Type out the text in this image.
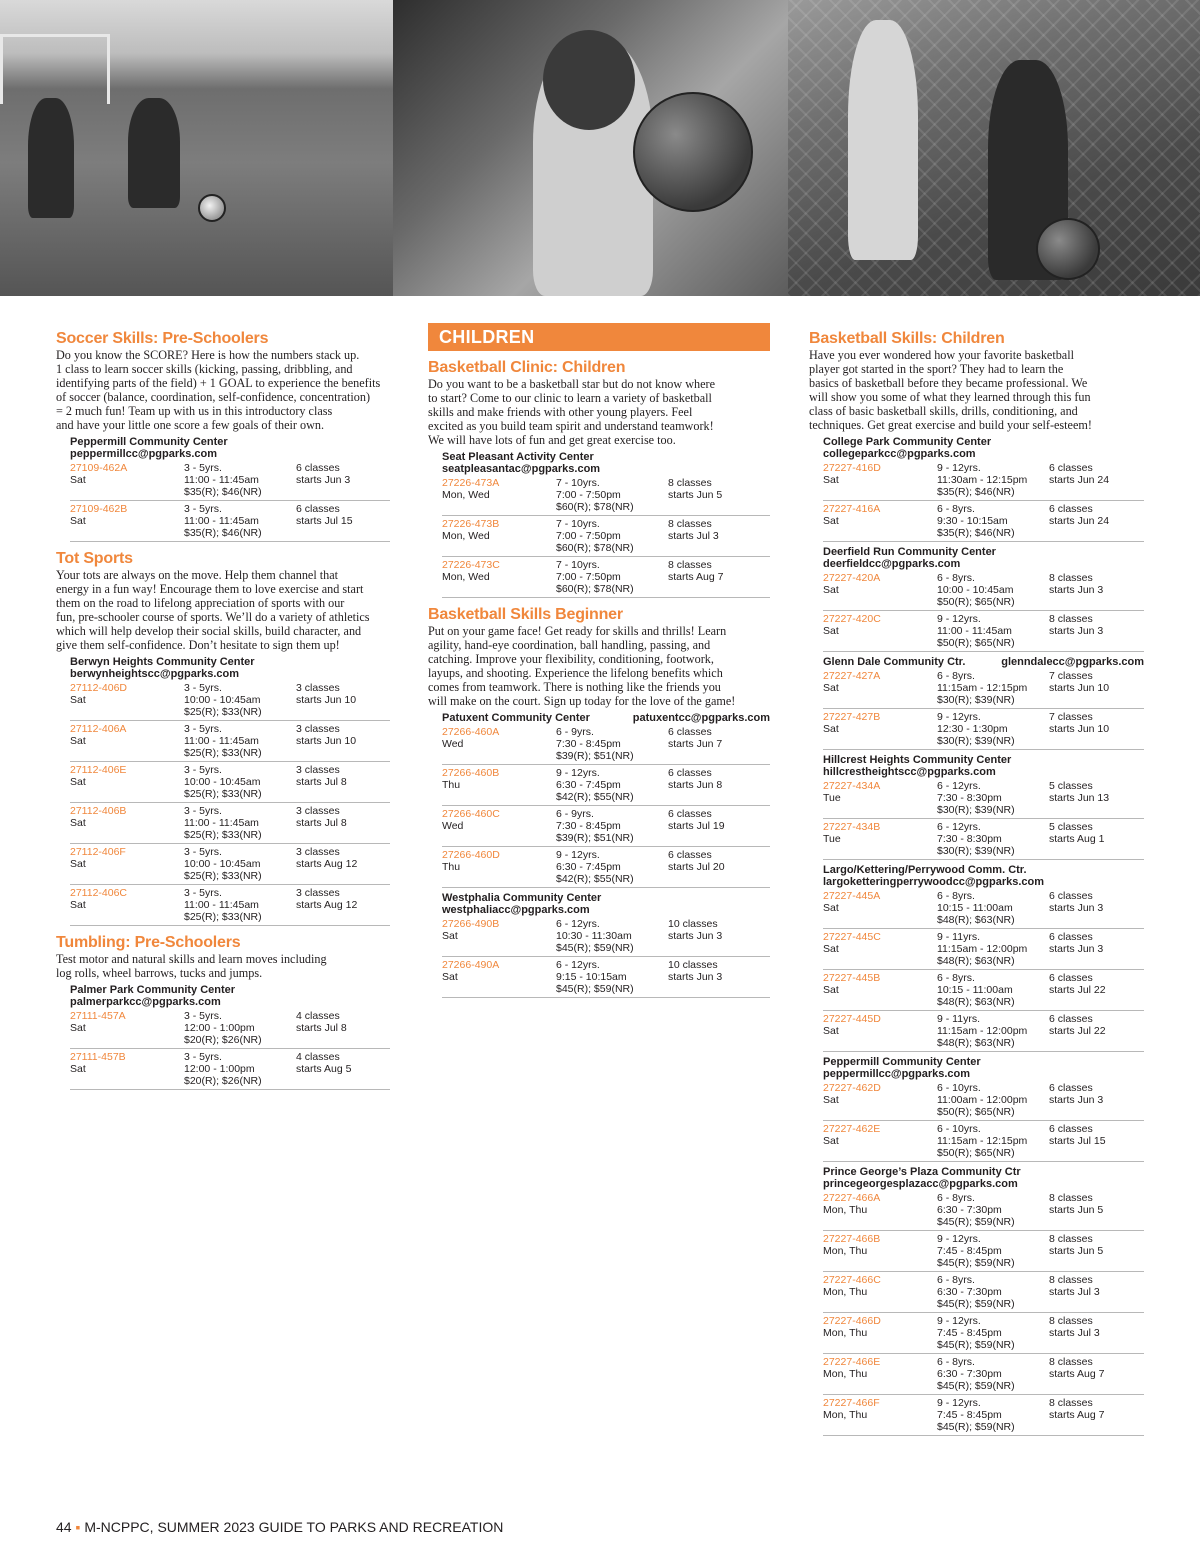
Soccer Skills: Pre-Schoolers
Do you know the SCORE? Here is how the numbers stack up.
1 class to learn soccer skills (kicking, passing, dribbling, and
identifying parts of the field) + 1 GOAL to experience the benefits
of soccer (balance, coordination, self-confidence, concentration)
= 2 much fun! Team up with us in this introductory class
and have your little one score a few goals of their own.
Peppermill Community Center
peppermillcc@pgparks.com
27109-462A
Sat
3 - 5yrs.
11:00 - 11:45am
$35(R); $46(NR)
6 classes
starts Jun 3
27109-462B
Sat
3 - 5yrs.
11:00 - 11:45am
$35(R); $46(NR)
6 classes
starts Jul 15
Tot Sports
Your tots are always on the move. Help them channel that
energy in a fun way! Encourage them to love exercise and start
them on the road to lifelong appreciation of sports with our
fun, pre-schooler course of sports. We’ll do a variety of athletics
which will help develop their social skills, build character, and
give them self-confidence. Don’t hesitate to sign them up!
Berwyn Heights Community Center
berwynheightscc@pgparks.com
27112-406D
Sat
3 - 5yrs.
10:00 - 10:45am
$25(R); $33(NR)
3 classes
starts Jun 10
27112-406A
Sat
3 - 5yrs.
11:00 - 11:45am
$25(R); $33(NR)
3 classes
starts Jun 10
27112-406E
Sat
3 - 5yrs.
10:00 - 10:45am
$25(R); $33(NR)
3 classes
starts Jul 8
27112-406B
Sat
3 - 5yrs.
11:00 - 11:45am
$25(R); $33(NR)
3 classes
starts Jul 8
27112-406F
Sat
3 - 5yrs.
10:00 - 10:45am
$25(R); $33(NR)
3 classes
starts Aug 12
27112-406C
Sat
3 - 5yrs.
11:00 - 11:45am
$25(R); $33(NR)
3 classes
starts Aug 12
Tumbling: Pre-Schoolers
Test motor and natural skills and learn moves including
log rolls, wheel barrows, tucks and jumps.
Palmer Park Community Center
palmerparkcc@pgparks.com
27111-457A
Sat
3 - 5yrs.
12:00 - 1:00pm
$20(R); $26(NR)
4 classes
starts Jul 8
27111-457B
Sat
3 - 5yrs.
12:00 - 1:00pm
$20(R); $26(NR)
4 classes
starts Aug 5
CHILDREN
Basketball Clinic: Children
Do you want to be a basketball star but do not know where
to start? Come to our clinic to learn a variety of basketball
skills and make friends with other young players. Feel
excited as you build team spirit and understand teamwork!
We will have lots of fun and get great exercise too.
Seat Pleasant Activity Center
seatpleasantac@pgparks.com
27226-473A
Mon, Wed
7 - 10yrs.
7:00 - 7:50pm
$60(R); $78(NR)
8 classes
starts Jun 5
27226-473B
Mon, Wed
7 - 10yrs.
7:00 - 7:50pm
$60(R); $78(NR)
8 classes
starts Jul 3
27226-473C
Mon, Wed
7 - 10yrs.
7:00 - 7:50pm
$60(R); $78(NR)
8 classes
starts Aug 7
Basketball Skills Beginner
Put on your game face! Get ready for skills and thrills! Learn
agility, hand-eye coordination, ball handling, passing, and
catching. Improve your flexibility, conditioning, footwork,
layups, and shooting. Experience the lifelong benefits which
comes from teamwork. There is nothing like the friends you
will make on the court. Sign up today for the love of the game!
Patuxent Community Center	patuxentcc@pgparks.com
27266-460A
Wed
6 - 9yrs.
7:30 - 8:45pm
$39(R); $51(NR)
6 classes
starts Jun 7
27266-460B
Thu
9 - 12yrs.
6:30 - 7:45pm
$42(R); $55(NR)
6 classes
starts Jun 8
27266-460C
Wed
6 - 9yrs.
7:30 - 8:45pm
$39(R); $51(NR)
6 classes
starts Jul 19
27266-460D
Thu
9 - 12yrs.
6:30 - 7:45pm
$42(R); $55(NR)
6 classes
starts Jul 20
Westphalia Community Center
westphaliacc@pgparks.com
27266-490B
Sat
6 - 12yrs.
10:30 - 11:30am
$45(R); $59(NR)
10 classes
starts Jun 3
27266-490A
Sat
6 - 12yrs.
9:15 - 10:15am
$45(R); $59(NR)
10 classes
starts Jun 3
Basketball Skills: Children
Have you ever wondered how your favorite basketball
player got started in the sport? They had to learn the
basics of basketball before they became professional. We
will show you some of what they learned through this fun
class of basic basketball skills, drills, conditioning, and
techniques. Get great exercise and build your self-esteem!
College Park Community Center
collegeparkcc@pgparks.com
27227-416D
Sat
9 - 12yrs.
11:30am - 12:15pm
$35(R); $46(NR)
6 classes
starts Jun 24
27227-416A
Sat
6 - 8yrs.
9:30 - 10:15am
$35(R); $46(NR)
6 classes
starts Jun 24
Deerfield Run Community Center
deerfieldcc@pgparks.com
27227-420A
Sat
6 - 8yrs.
10:00 - 10:45am
$50(R); $65(NR)
8 classes
starts Jun 3
27227-420C
Sat
9 - 12yrs.
11:00 - 11:45am
$50(R); $65(NR)
8 classes
starts Jun 3
Glenn Dale Community Ctr.	glenndalecc@pgparks.com
27227-427A
Sat
6 - 8yrs.
11:15am - 12:15pm
$30(R); $39(NR)
7 classes
starts Jun 10
27227-427B
Sat
9 - 12yrs.
12:30 - 1:30pm
$30(R); $39(NR)
7 classes
starts Jun 10
Hillcrest Heights Community Center
hillcrestheightscc@pgparks.com
27227-434A
Tue
6 - 12yrs.
7:30 - 8:30pm
$30(R); $39(NR)
5 classes
starts Jun 13
27227-434B
Tue
6 - 12yrs.
7:30 - 8:30pm
$30(R); $39(NR)
5 classes
starts Aug 1
Largo/Kettering/Perrywood Comm. Ctr.
largoketteringperrywoodcc@pgparks.com
27227-445A
Sat
6 - 8yrs.
10:15 - 11:00am
$48(R); $63(NR)
6 classes
starts Jun 3
27227-445C
Sat
9 - 11yrs.
11:15am - 12:00pm
$48(R); $63(NR)
6 classes
starts Jun 3
27227-445B
Sat
6 - 8yrs.
10:15 - 11:00am
$48(R); $63(NR)
6 classes
starts Jul 22
27227-445D
Sat
9 - 11yrs.
11:15am - 12:00pm
$48(R); $63(NR)
6 classes
starts Jul 22
Peppermill Community Center
peppermillcc@pgparks.com
27227-462D
Sat
6 - 10yrs.
11:00am - 12:00pm
$50(R); $65(NR)
6 classes
starts Jun 3
27227-462E
Sat
6 - 10yrs.
11:15am - 12:15pm
$50(R); $65(NR)
6 classes
starts Jul 15
Prince George’s Plaza Community Ctr
princegeorgesplazacc@pgparks.com
27227-466A
Mon, Thu
6 - 8yrs.
6:30 - 7:30pm
$45(R); $59(NR)
8 classes
starts Jun 5
27227-466B
Mon, Thu
9 - 12yrs.
7:45 - 8:45pm
$45(R); $59(NR)
8 classes
starts Jun 5
27227-466C
Mon, Thu
6 - 8yrs.
6:30 - 7:30pm
$45(R); $59(NR)
8 classes
starts Jul 3
27227-466D
Mon, Thu
9 - 12yrs.
7:45 - 8:45pm
$45(R); $59(NR)
8 classes
starts Jul 3
27227-466E
Mon, Thu
6 - 8yrs.
6:30 - 7:30pm
$45(R); $59(NR)
8 classes
starts Aug 7
27227-466F
Mon, Thu
9 - 12yrs.
7:45 - 8:45pm
$45(R); $59(NR)
8 classes
starts Aug 7
44 ▪ M-NCPPC, SUMMER 2023 GUIDE TO PARKS AND RECREATION
